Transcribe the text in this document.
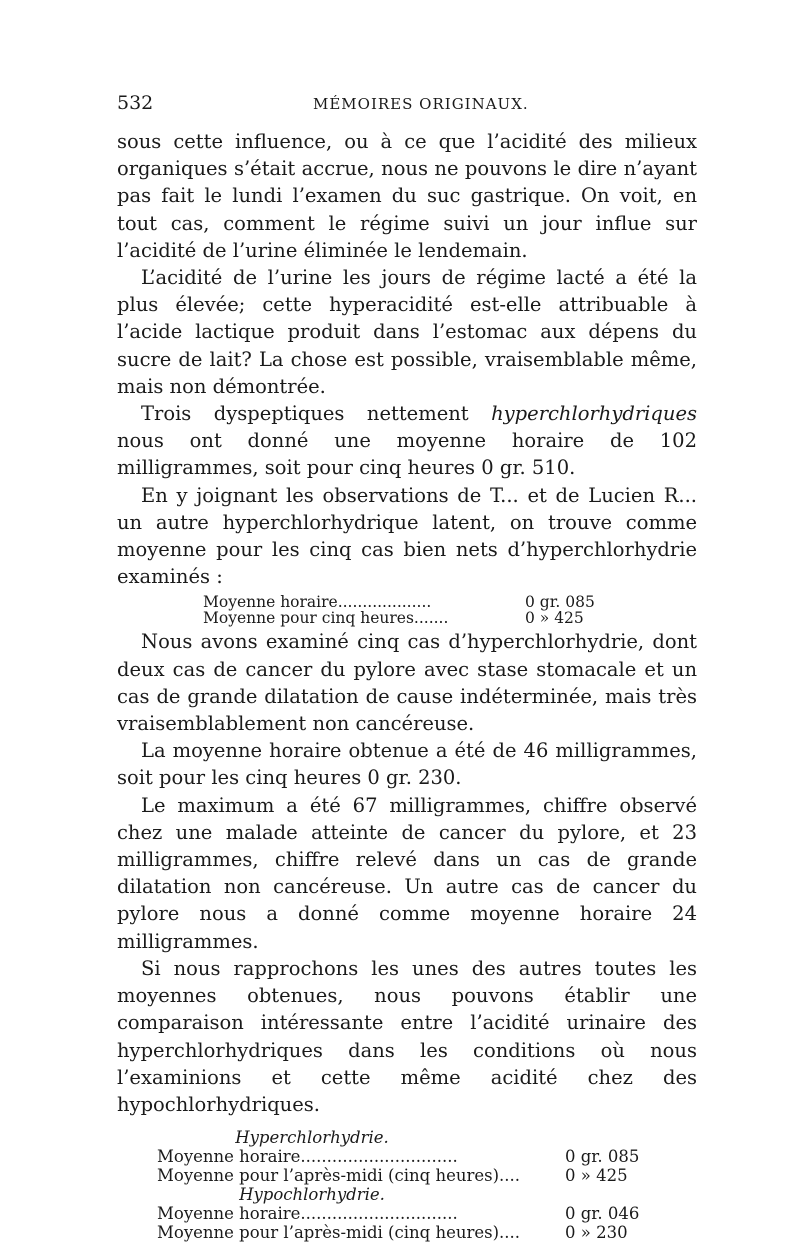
532	MÉMOIRES ORIGINAUX.

sous cette influence, ou à ce que l’acidité des milieux organiques s’était accrue, nous ne pouvons le dire n’ayant pas fait le lundi l’examen du suc gastrique. On voit, en tout cas, comment le régime suivi un jour influe sur l’acidité de l’urine éliminée le lendemain.

L’acidité de l’urine les jours de régime lacté a été la plus élevée; cette hyperacidité est-elle attribuable à l’acide lactique produit dans l’estomac aux dépens du sucre de lait? La chose est possible, vraisemblable même, mais non démontrée.

Trois dyspeptiques nettement hyperchlorhydriques nous ont donné une moyenne horaire de 102 milligrammes, soit pour cinq heures 0 gr. 510.

En y joignant les observations de T... et de Lucien R... un autre hyperchlorhydrique latent, on trouve comme moyenne pour les cinq cas bien nets d’hyperchlorhydrie examinés :

Moyenne horaire...................	0 gr. 085
Moyenne pour cinq heures.......	0 » 425

Nous avons examiné cinq cas d’hyperchlorhydrie, dont deux cas de cancer du pylore avec stase stomacale et un cas de grande dilatation de cause indéterminée, mais très vraisemblablement non cancéreuse.

La moyenne horaire obtenue a été de 46 milligrammes, soit pour les cinq heures 0 gr. 230.

Le maximum a été 67 milligrammes, chiffre observé chez une malade atteinte de cancer du pylore, et 23 milligrammes, chiffre relevé dans un cas de grande dilatation non cancéreuse. Un autre cas de cancer du pylore nous a donné comme moyenne horaire 24 milligrammes.

Si nous rapprochons les unes des autres toutes les moyennes obtenues, nous pouvons établir une comparaison intéressante entre l’acidité urinaire des hyperchlorhydriques dans les conditions où nous l’examinions et cette même acidité chez des hypochlorhydriques.

Hyperchlorhydrie.
Moyenne horaire..............................	0 gr. 085
Moyenne pour l’après-midi (cinq heures)....	0 » 425
Hypochlorhydrie.
Moyenne horaire..............................	0 gr. 046
Moyenne pour l’après-midi (cinq heures)....	0 » 230
